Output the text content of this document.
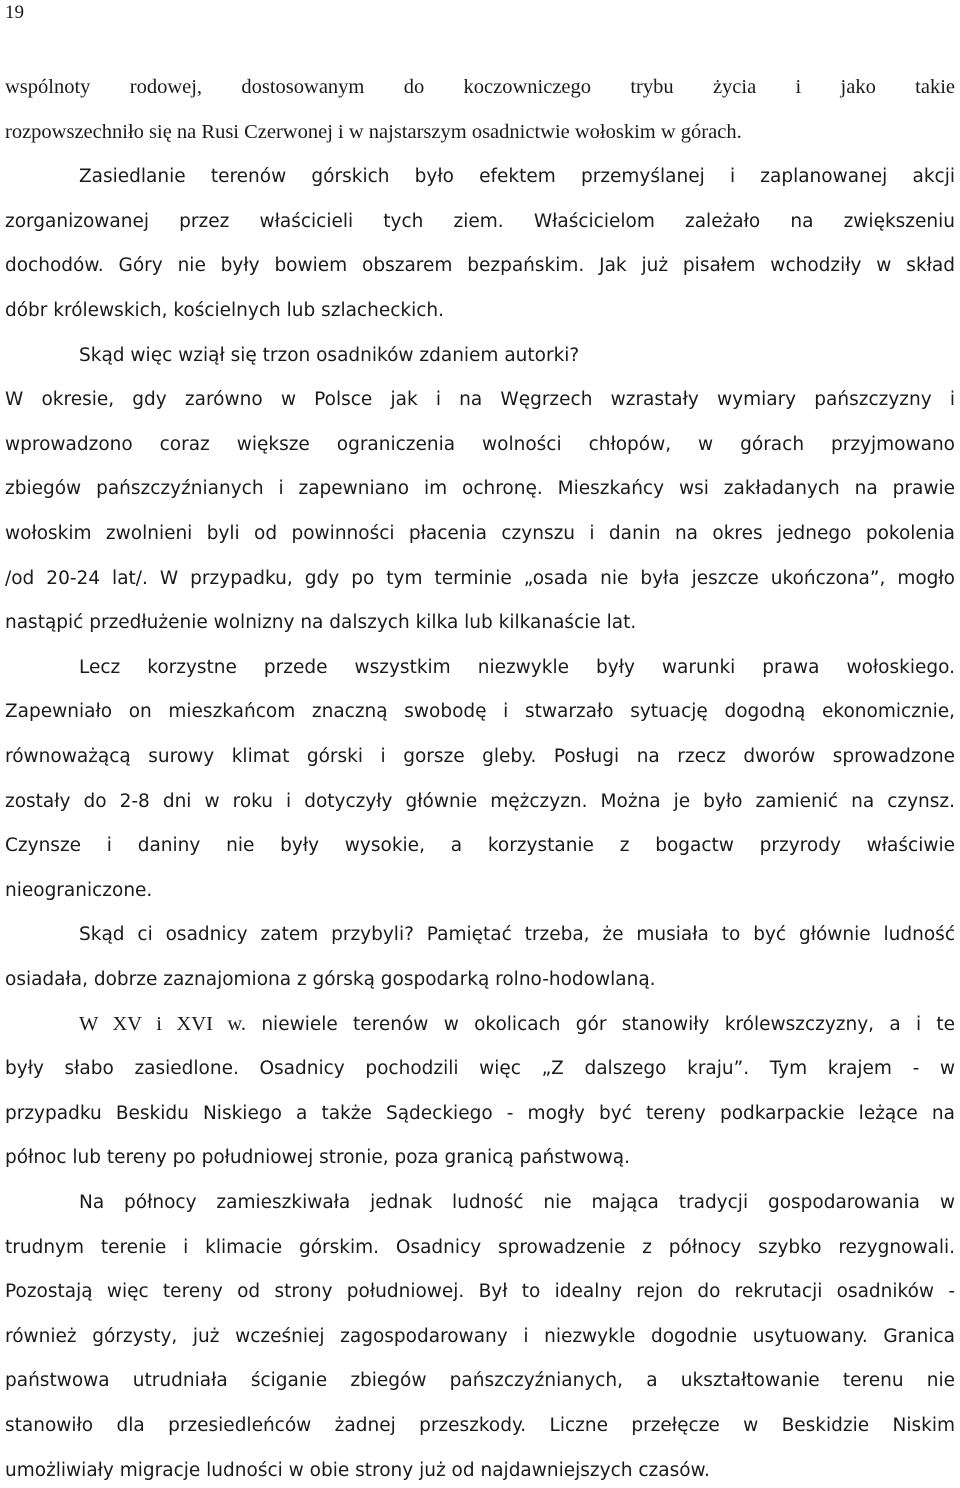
19
wspólnoty rodowej, dostosowanym do koczowniczego trybu życia i jako takie
rozpowszechniło się na Rusi Czerwonej i w najstarszym osadnictwie wołoskim w górach.
Zasiedlanie terenów górskich było efektem przemyślanej i zaplanowanej akcji
zorganizowanej przez właścicieli tych ziem. Właścicielom zależało na zwiększeniu
dochodów. Góry nie były bowiem obszarem bezpańskim. Jak już pisałem wchodziły w skład
dóbr królewskich, kościelnych lub szlacheckich.
Skąd więc wziął się trzon osadników zdaniem autorki?
W okresie, gdy zarówno w Polsce jak i na Węgrzech wzrastały wymiary pańszczyzny i
wprowadzono coraz większe ograniczenia wolności chłopów, w górach przyjmowano
zbiegów pańszczyźnianych i zapewniano im ochronę. Mieszkańcy wsi zakładanych na prawie
wołoskim zwolnieni byli od powinności płacenia czynszu i danin na okres jednego pokolenia
/od 20-24 lat/. W przypadku, gdy po tym terminie „osada nie była jeszcze ukończona”, mogło
nastąpić przedłużenie wolnizny na dalszych kilka lub kilkanaście lat.
Lecz korzystne przede wszystkim niezwykle były warunki prawa wołoskiego.
Zapewniało on mieszkańcom znaczną swobodę i stwarzało sytuację dogodną ekonomicznie,
równoważącą surowy klimat górski i gorsze gleby. Posługi na rzecz dworów sprowadzone
zostały do 2-8 dni w roku i dotyczyły głównie mężczyzn. Można je było zamienić na czynsz.
Czynsze i daniny nie były wysokie, a korzystanie z bogactw przyrody właściwie
nieograniczone.
Skąd ci osadnicy zatem przybyli? Pamiętać trzeba, że musiała to być głównie ludność
osiadała, dobrze zaznajomiona z górską gospodarką rolno-hodowlaną.
W XV i XVI w. niewiele terenów w okolicach gór stanowiły królewszczyzny, a i te
były słabo zasiedlone. Osadnicy pochodzili więc „Z dalszego kraju”. Tym krajem - w
przypadku Beskidu Niskiego a także Sądeckiego - mogły być tereny podkarpackie leżące na
północ lub tereny po południowej stronie, poza granicą państwową.
Na północy zamieszkiwała jednak ludność nie mająca tradycji gospodarowania w
trudnym terenie i klimacie górskim. Osadnicy sprowadzenie z północy szybko rezygnowali.
Pozostają więc tereny od strony południowej. Był to idealny rejon do rekrutacji osadników -
również górzysty, już wcześniej zagospodarowany i niezwykle dogodnie usytuowany. Granica
państwowa utrudniała ściganie zbiegów pańszczyźnianych, a ukształtowanie terenu nie
stanowiło dla przesiedleńców żadnej przeszkody. Liczne przełęcze w Beskidzie Niskim
umożliwiały migracje ludności w obie strony już od najdawniejszych czasów.
